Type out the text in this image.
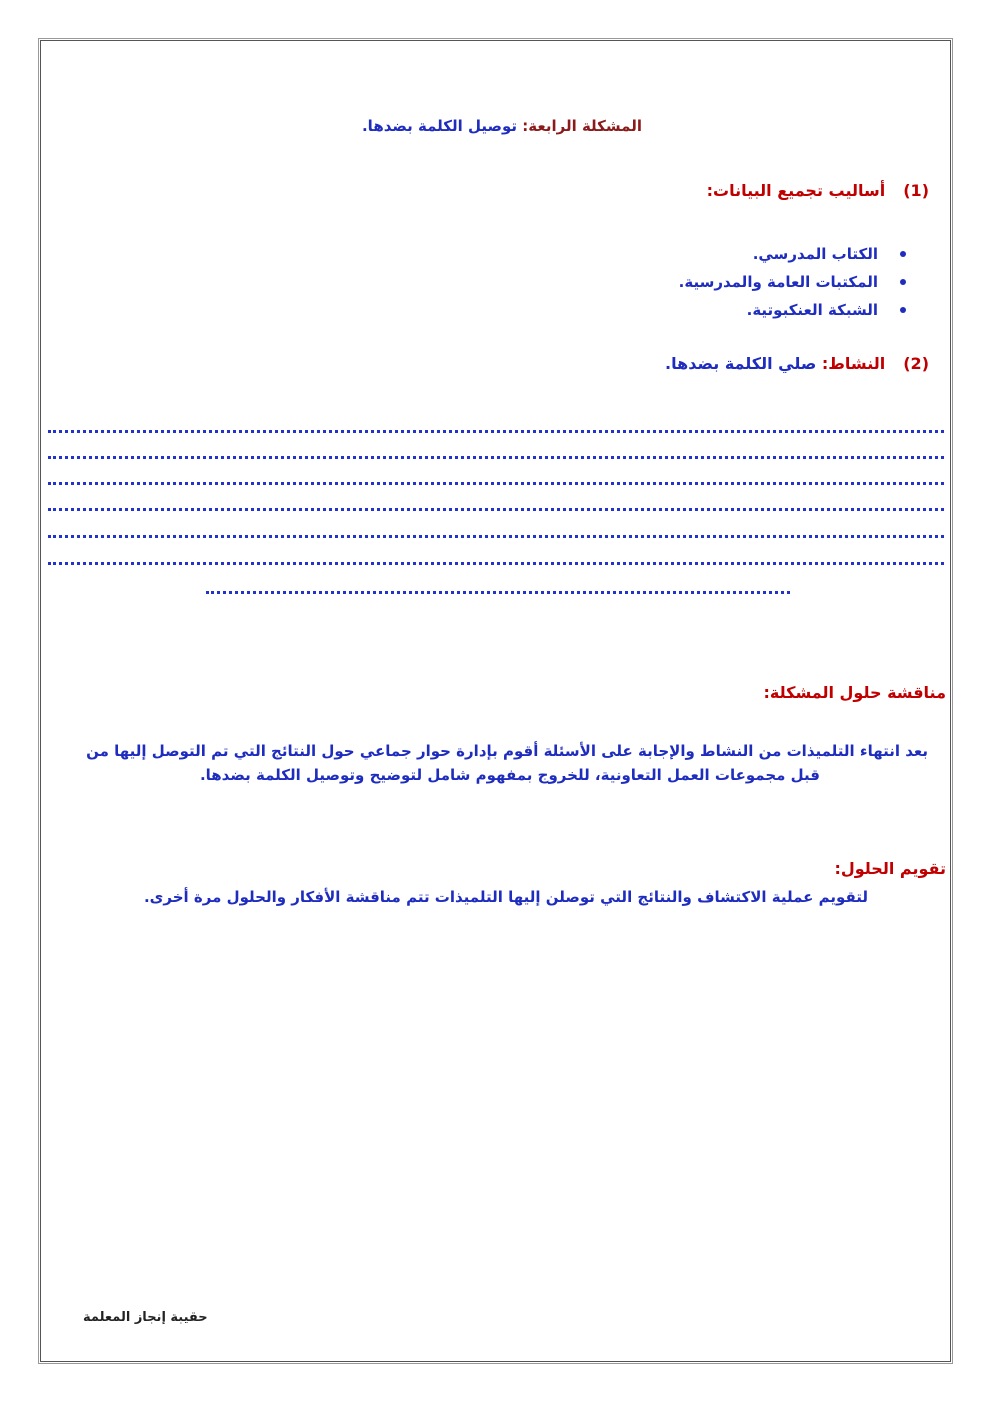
المشكلة الرابعة: توصيل الكلمة بضدها.
(1)أساليب تجميع البيانات:
الكتاب المدرسي.
المكتبات العامة والمدرسية.
الشبكة العنكبوتية.
(2)النشاط: صلي الكلمة بضدها.
مناقشة حلول المشكلة:
بعد انتهاء التلميذات من النشاط والإجابة على الأسئلة أقوم بإدارة حوار جماعي حول النتائج التي تم التوصل إليها من
قبل مجموعات العمل التعاونية، للخروج بمفهوم شامل لتوضيح وتوصيل الكلمة بضدها.
تقويم الحلول:
لتقويم عملية الاكتشاف والنتائج التي توصلن إليها التلميذات تتم مناقشة الأفكار والحلول مرة أخرى.
حقيبة إنجاز المعلمة
